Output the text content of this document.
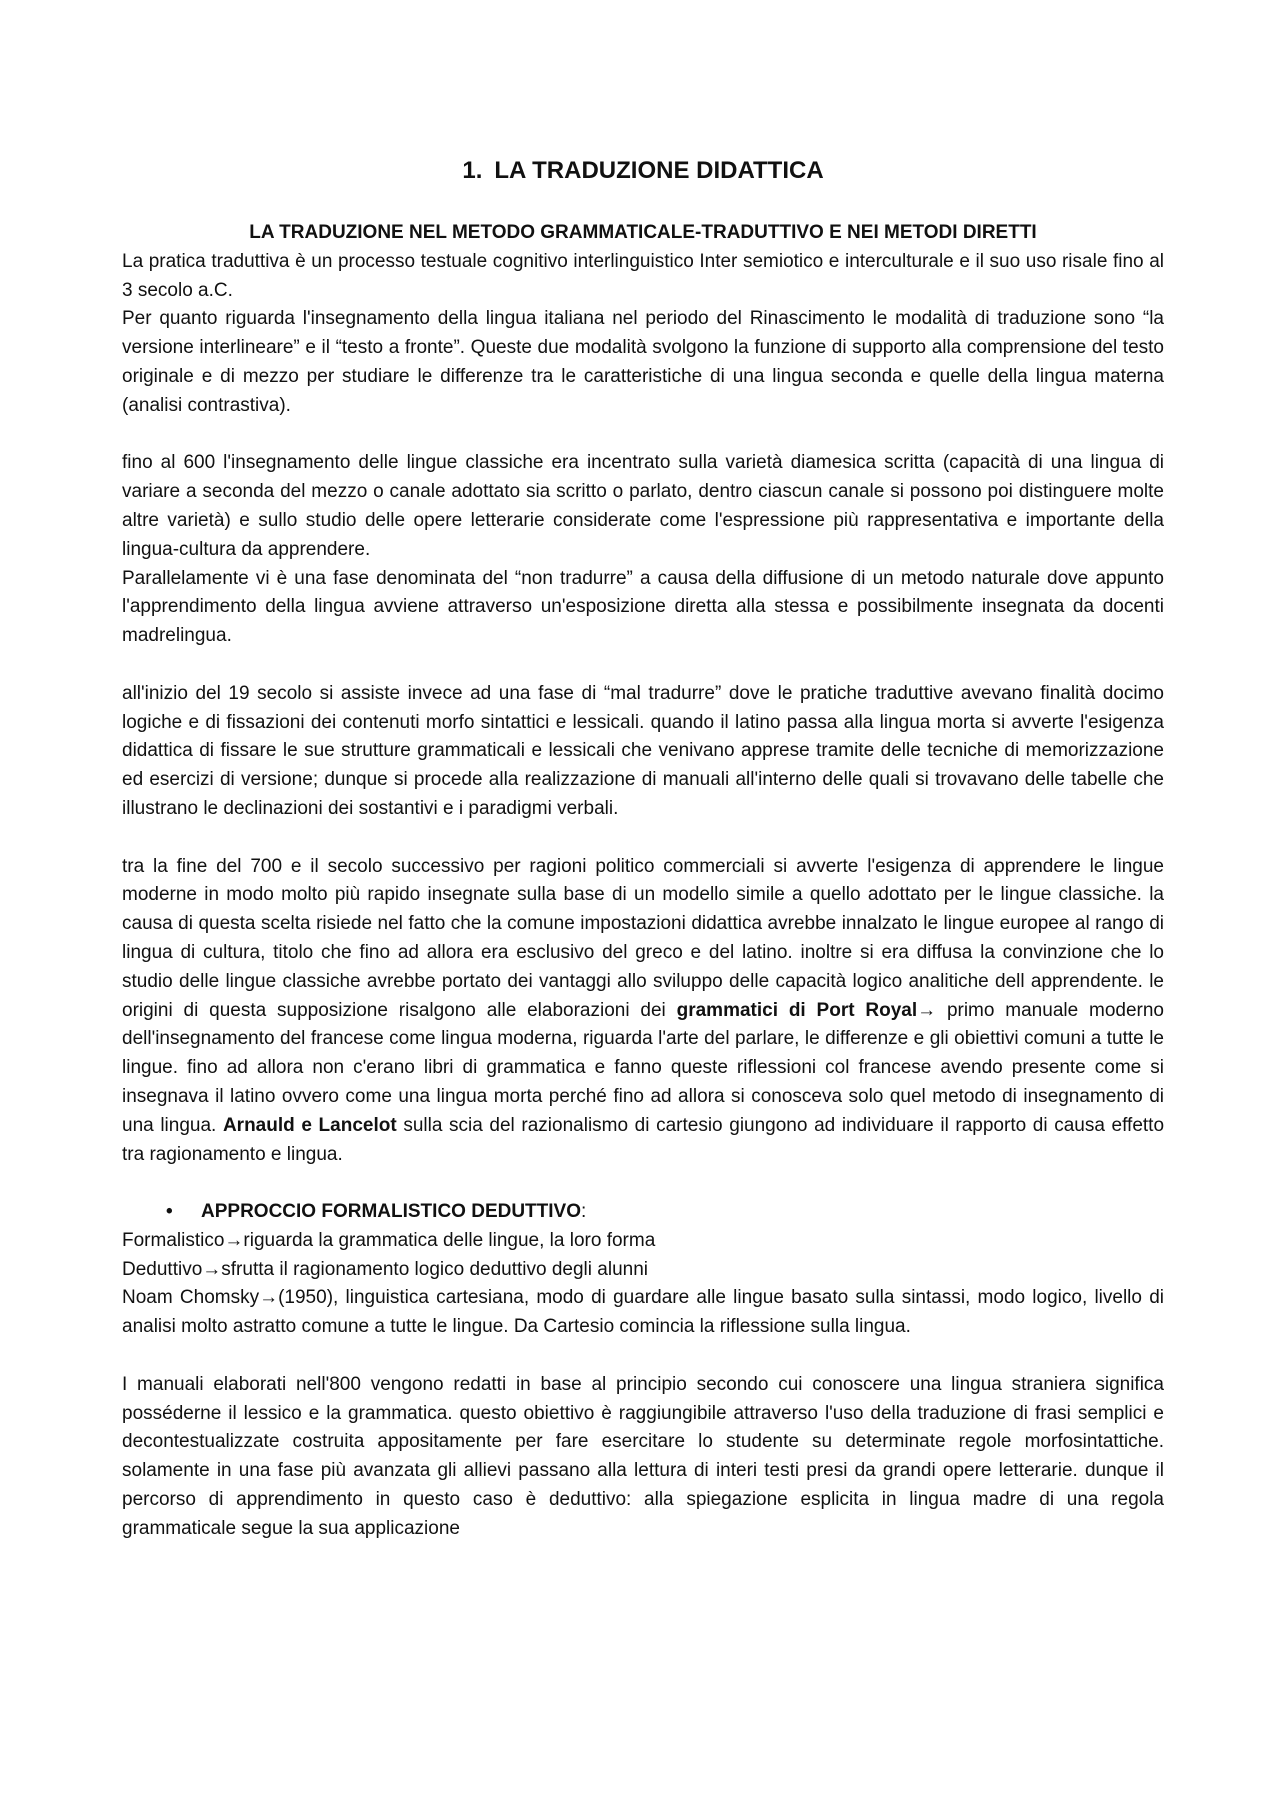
1. LA TRADUZIONE DIDATTICA
LA TRADUZIONE NEL METODO GRAMMATICALE-TRADUTTIVO E NEI METODI DIRETTI

La pratica traduttiva è un processo testuale cognitivo interlinguistico Inter semiotico e interculturale e il suo uso risale fino al 3 secolo a.C.

Per quanto riguarda l'insegnamento della lingua italiana nel periodo del Rinascimento le modalità di traduzione sono “la versione interlineare” e il “testo a fronte”. Queste due modalità svolgono la funzione di supporto alla comprensione del testo originale e di mezzo per studiare le differenze tra le caratteristiche di una lingua seconda e quelle della lingua materna (analisi contrastiva).

fino al 600 l'insegnamento delle lingue classiche era incentrato sulla varietà diamesica scritta (capacità di una lingua di variare a seconda del mezzo o canale adottato sia scritto o parlato, dentro ciascun canale si possono poi distinguere molte altre varietà) e sullo studio delle opere letterarie considerate come l'espressione più rappresentativa e importante della lingua-cultura da apprendere.

Parallelamente vi è una fase denominata del “non tradurre” a causa della diffusione di un metodo naturale dove appunto l'apprendimento della lingua avviene attraverso un'esposizione diretta alla stessa e possibilmente insegnata da docenti madrelingua.

all'inizio del 19 secolo si assiste invece ad una fase di “mal tradurre” dove le pratiche traduttive avevano finalità docimo logiche e di fissazioni dei contenuti morfo sintattici e lessicali. quando il latino passa alla lingua morta si avverte l'esigenza didattica di fissare le sue strutture grammaticali e lessicali che venivano apprese tramite delle tecniche di memorizzazione ed esercizi di versione; dunque si procede alla realizzazione di manuali all'interno delle quali si trovavano delle tabelle che illustrano le declinazioni dei sostantivi e i paradigmi verbali.

tra la fine del 700 e il secolo successivo per ragioni politico commerciali si avverte l'esigenza di apprendere le lingue moderne in modo molto più rapido insegnate sulla base di un modello simile a quello adottato per le lingue classiche. la causa di questa scelta risiede nel fatto che la comune impostazioni didattica avrebbe innalzato le lingue europee al rango di lingua di cultura, titolo che fino ad allora era esclusivo del greco e del latino. inoltre si era diffusa la convinzione che lo studio delle lingue classiche avrebbe portato dei vantaggi allo sviluppo delle capacità logico analitiche dell apprendente. le origini di questa supposizione risalgono alle elaborazioni dei grammatici di Port Royal→ primo manuale moderno dell'insegnamento del francese come lingua moderna, riguarda l'arte del parlare, le differenze e gli obiettivi comuni a tutte le lingue. fino ad allora non c'erano libri di grammatica e fanno queste riflessioni col francese avendo presente come si insegnava il latino ovvero come una lingua morta perché fino ad allora si conosceva solo quel metodo di insegnamento di una lingua. Arnauld e Lancelot sulla scia del razionalismo di cartesio giungono ad individuare il rapporto di causa effetto tra ragionamento e lingua.

• APPROCCIO FORMALISTICO DEDUTTIVO:

Formalistico→riguarda la grammatica delle lingue, la loro forma

Deduttivo→sfrutta il ragionamento logico deduttivo degli alunni

Noam Chomsky→(1950), linguistica cartesiana, modo di guardare alle lingue basato sulla sintassi, modo logico, livello di analisi molto astratto comune a tutte le lingue. Da Cartesio comincia la riflessione sulla lingua.

I manuali elaborati nell'800 vengono redatti in base al principio secondo cui conoscere una lingua straniera significa posséderne il lessico e la grammatica. questo obiettivo è raggiungibile attraverso l'uso della traduzione di frasi semplici e decontestualizzate costruita appositamente per fare esercitare lo studente su determinate regole morfosintattiche. solamente in una fase più avanzata gli allievi passano alla lettura di interi testi presi da grandi opere letterarie. dunque il percorso di apprendimento in questo caso è deduttivo: alla spiegazione esplicita in lingua madre di una regola grammaticale segue la sua applicazione
